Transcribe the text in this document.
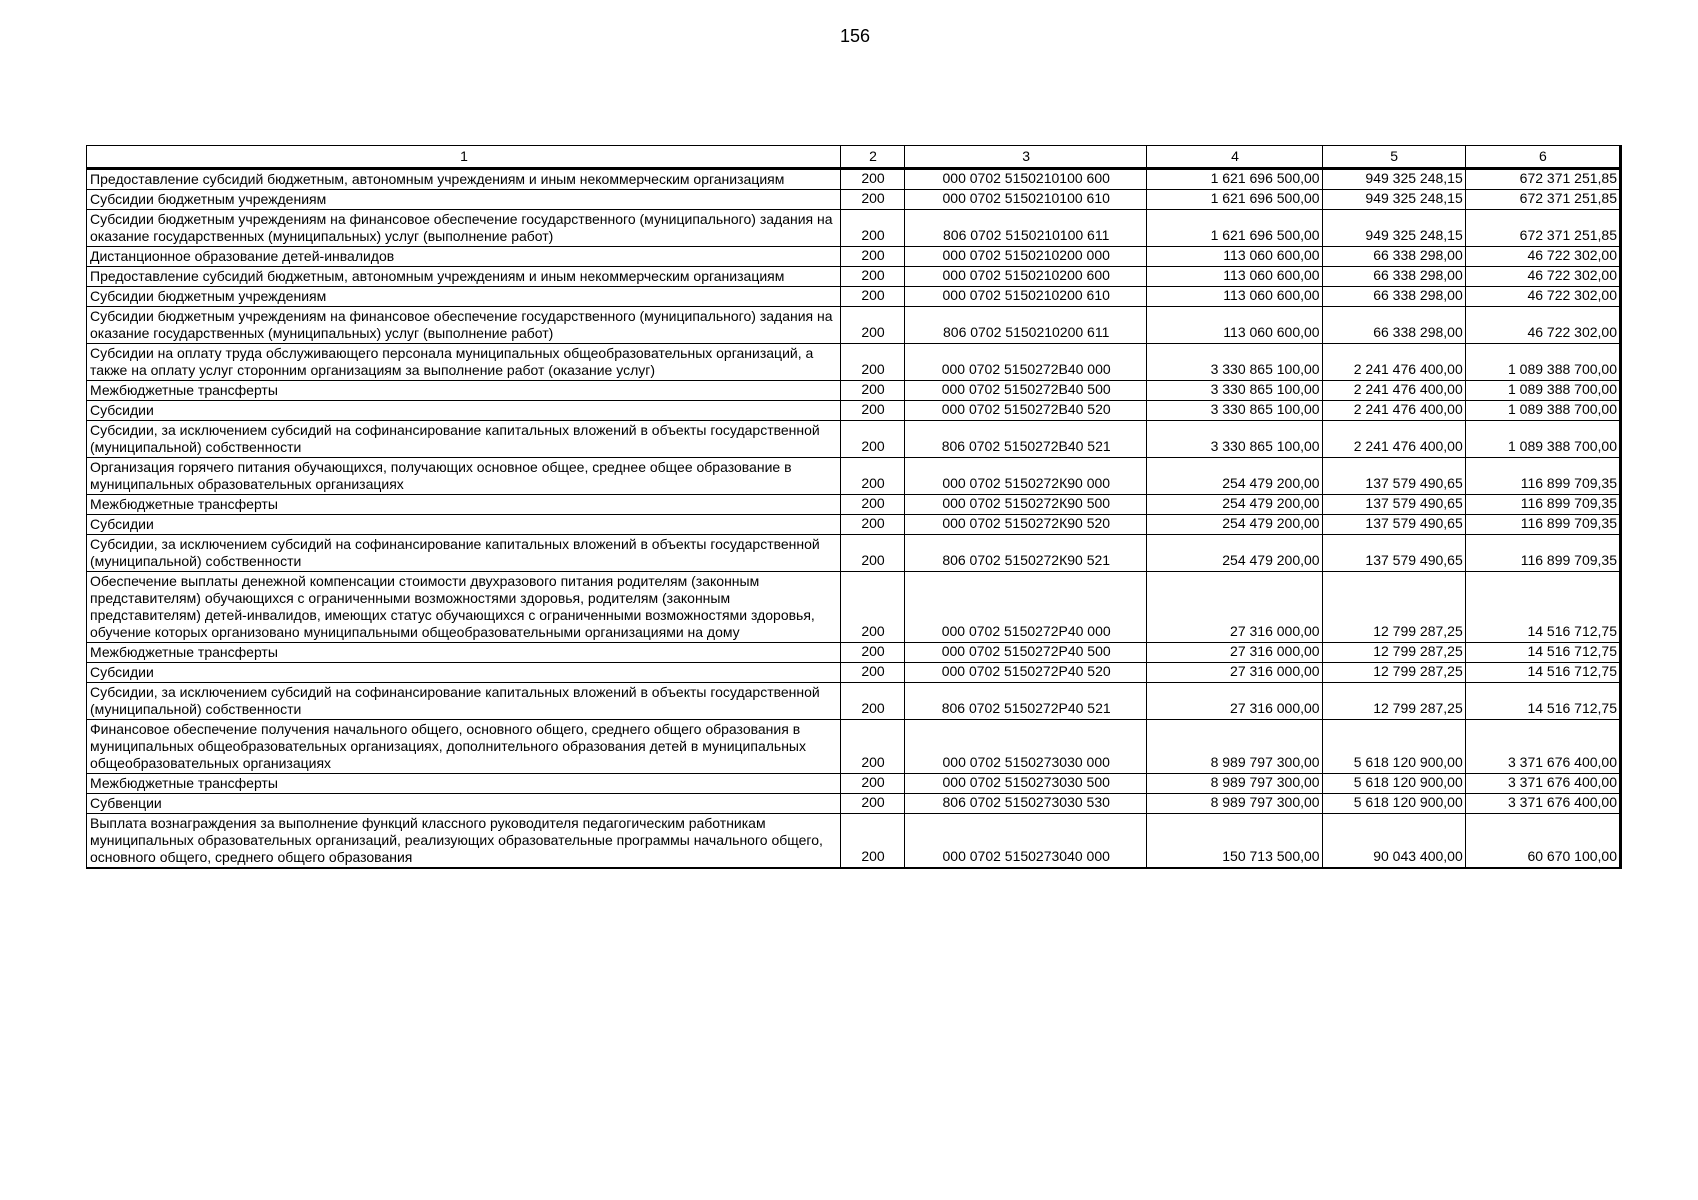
156
1	2	3	4	5	6
Предоставление субсидий бюджетным, автономным учреждениям и иным некоммерческим организациям	200	000 0702 5150210100 600	1 621 696 500,00	949 325 248,15	672 371 251,85
Субсидии бюджетным учреждениям	200	000 0702 5150210100 610	1 621 696 500,00	949 325 248,15	672 371 251,85
Субсидии бюджетным учреждениям на финансовое обеспечение государственного (муниципального) задания на оказание государственных (муниципальных) услуг (выполнение работ)	200	806 0702 5150210100 611	1 621 696 500,00	949 325 248,15	672 371 251,85
Дистанционное образование детей-инвалидов	200	000 0702 5150210200 000	113 060 600,00	66 338 298,00	46 722 302,00
Предоставление субсидий бюджетным, автономным учреждениям и иным некоммерческим организациям	200	000 0702 5150210200 600	113 060 600,00	66 338 298,00	46 722 302,00
Субсидии бюджетным учреждениям	200	000 0702 5150210200 610	113 060 600,00	66 338 298,00	46 722 302,00
Субсидии бюджетным учреждениям на финансовое обеспечение государственного (муниципального) задания на оказание государственных (муниципальных) услуг (выполнение работ)	200	806 0702 5150210200 611	113 060 600,00	66 338 298,00	46 722 302,00
Субсидии на оплату труда обслуживающего персонала муниципальных общеобразовательных организаций, а также на оплату услуг сторонним организациям за выполнение работ (оказание услуг)	200	000 0702 5150272В40 000	3 330 865 100,00	2 241 476 400,00	1 089 388 700,00
Межбюджетные трансферты	200	000 0702 5150272В40 500	3 330 865 100,00	2 241 476 400,00	1 089 388 700,00
Субсидии	200	000 0702 5150272В40 520	3 330 865 100,00	2 241 476 400,00	1 089 388 700,00
Субсидии, за исключением субсидий на софинансирование капитальных вложений в объекты государственной (муниципальной) собственности	200	806 0702 5150272В40 521	3 330 865 100,00	2 241 476 400,00	1 089 388 700,00
Организация горячего питания обучающихся, получающих основное общее, среднее общее образование в муниципальных образовательных организациях	200	000 0702 5150272К90 000	254 479 200,00	137 579 490,65	116 899 709,35
Межбюджетные трансферты	200	000 0702 5150272К90 500	254 479 200,00	137 579 490,65	116 899 709,35
Субсидии	200	000 0702 5150272К90 520	254 479 200,00	137 579 490,65	116 899 709,35
Субсидии, за исключением субсидий на софинансирование капитальных вложений в объекты государственной (муниципальной) собственности	200	806 0702 5150272К90 521	254 479 200,00	137 579 490,65	116 899 709,35
Обеспечение выплаты денежной компенсации стоимости двухразового питания родителям (законным представителям) обучающихся с ограниченными возможностями здоровья, родителям (законным представителям) детей-инвалидов, имеющих статус обучающихся с ограниченными возможностями здоровья, обучение которых организовано муниципальными общеобразовательными организациями на дому	200	000 0702 5150272Р40 000	27 316 000,00	12 799 287,25	14 516 712,75
Межбюджетные трансферты	200	000 0702 5150272Р40 500	27 316 000,00	12 799 287,25	14 516 712,75
Субсидии	200	000 0702 5150272Р40 520	27 316 000,00	12 799 287,25	14 516 712,75
Субсидии, за исключением субсидий на софинансирование капитальных вложений в объекты государственной (муниципальной) собственности	200	806 0702 5150272Р40 521	27 316 000,00	12 799 287,25	14 516 712,75
Финансовое обеспечение получения начального общего, основного общего, среднего общего образования в муниципальных общеобразовательных организациях, дополнительного образования детей в муниципальных общеобразовательных организациях	200	000 0702 5150273030 000	8 989 797 300,00	5 618 120 900,00	3 371 676 400,00
Межбюджетные трансферты	200	000 0702 5150273030 500	8 989 797 300,00	5 618 120 900,00	3 371 676 400,00
Субвенции	200	806 0702 5150273030 530	8 989 797 300,00	5 618 120 900,00	3 371 676 400,00
Выплата вознаграждения за выполнение функций классного руководителя педагогическим работникам муниципальных образовательных организаций, реализующих образовательные программы начального общего, основного общего, среднего общего образования	200	000 0702 5150273040 000	150 713 500,00	90 043 400,00	60 670 100,00
